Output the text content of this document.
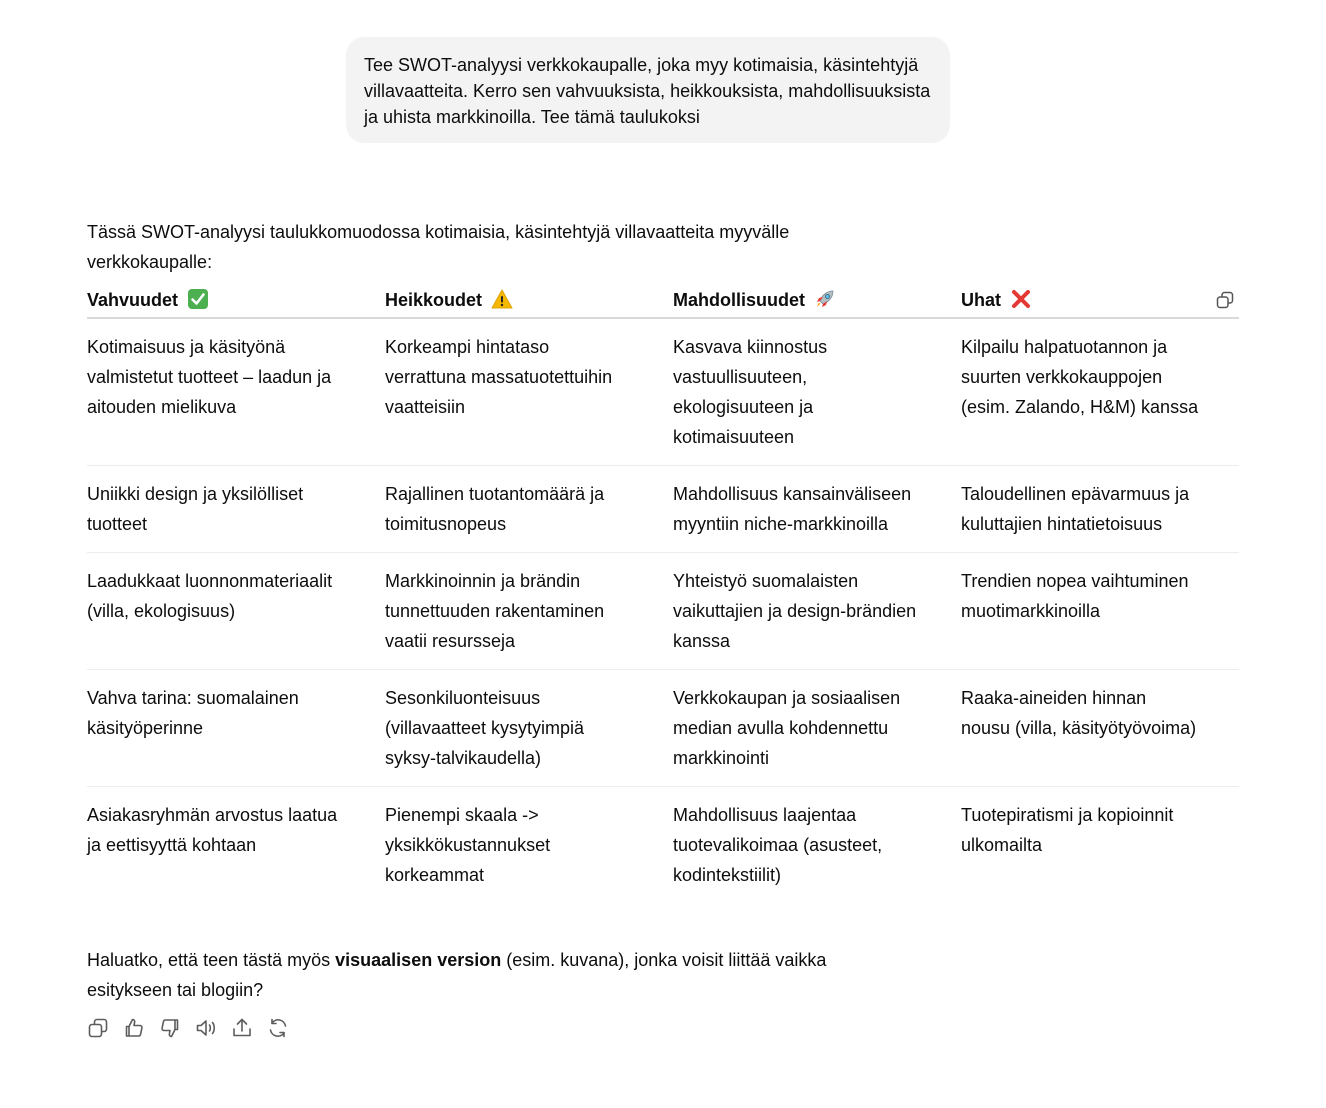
Tee SWOT-analyysi verkkokaupalle, joka myy kotimaisia, käsintehtyjä villavaatteita. Kerro sen vahvuuksista, heikkouksista, mahdollisuuksista ja uhista markkinoilla. Tee tämä taulukoksi
Tässä SWOT-analyysi taulukkomuodossa kotimaisia, käsintehtyjä villavaatteita myyvälle verkkokaupalle:
Vahvuudet	Heikkoudet	Mahdollisuudet	Uhat

Kotimaisuus ja käsityönä valmistetut tuotteet – laadun ja aitouden mielikuva	Korkeampi hintataso verrattuna massatuotettuihin vaatteisiin	Kasvava kiinnostus vastuullisuuteen, ekologisuuteen ja kotimaisuuteen	Kilpailu halpatuotannon ja suurten verkkokauppojen (esim. Zalando, H&M) kanssa
Uniikki design ja yksilölliset tuotteet	Rajallinen tuotantomäärä ja toimitusnopeus	Mahdollisuus kansainväliseen myyntiin niche-markkinoilla	Taloudellinen epävarmuus ja kuluttajien hintatietoisuus
Laadukkaat luonnonmateriaalit (villa, ekologisuus)	Markkinoinnin ja brändin tunnettuuden rakentaminen vaatii resursseja	Yhteistyö suomalaisten vaikuttajien ja design-brändien kanssa	Trendien nopea vaihtuminen muotimarkkinoilla
Vahva tarina: suomalainen käsityöperinne	Sesonkiluonteisuus (villavaatteet kysytyimpiä syksy-talvikaudella)	Verkkokaupan ja sosiaalisen median avulla kohdennettu markkinointi	Raaka-aineiden hinnan nousu (villa, käsityötyövoima)
Asiakasryhmän arvostus laatua ja eettisyyttä kohtaan	Pienempi skaala -> yksikkökustannukset korkeammat	Mahdollisuus laajentaa tuotevalikoimaa (asusteet, kodintekstiilit)	Tuotepiratismi ja kopioinnit ulkomailta
Haluatko, että teen tästä myös visuaalisen version (esim. kuvana), jonka voisit liittää vaikka esitykseen tai blogiin?
